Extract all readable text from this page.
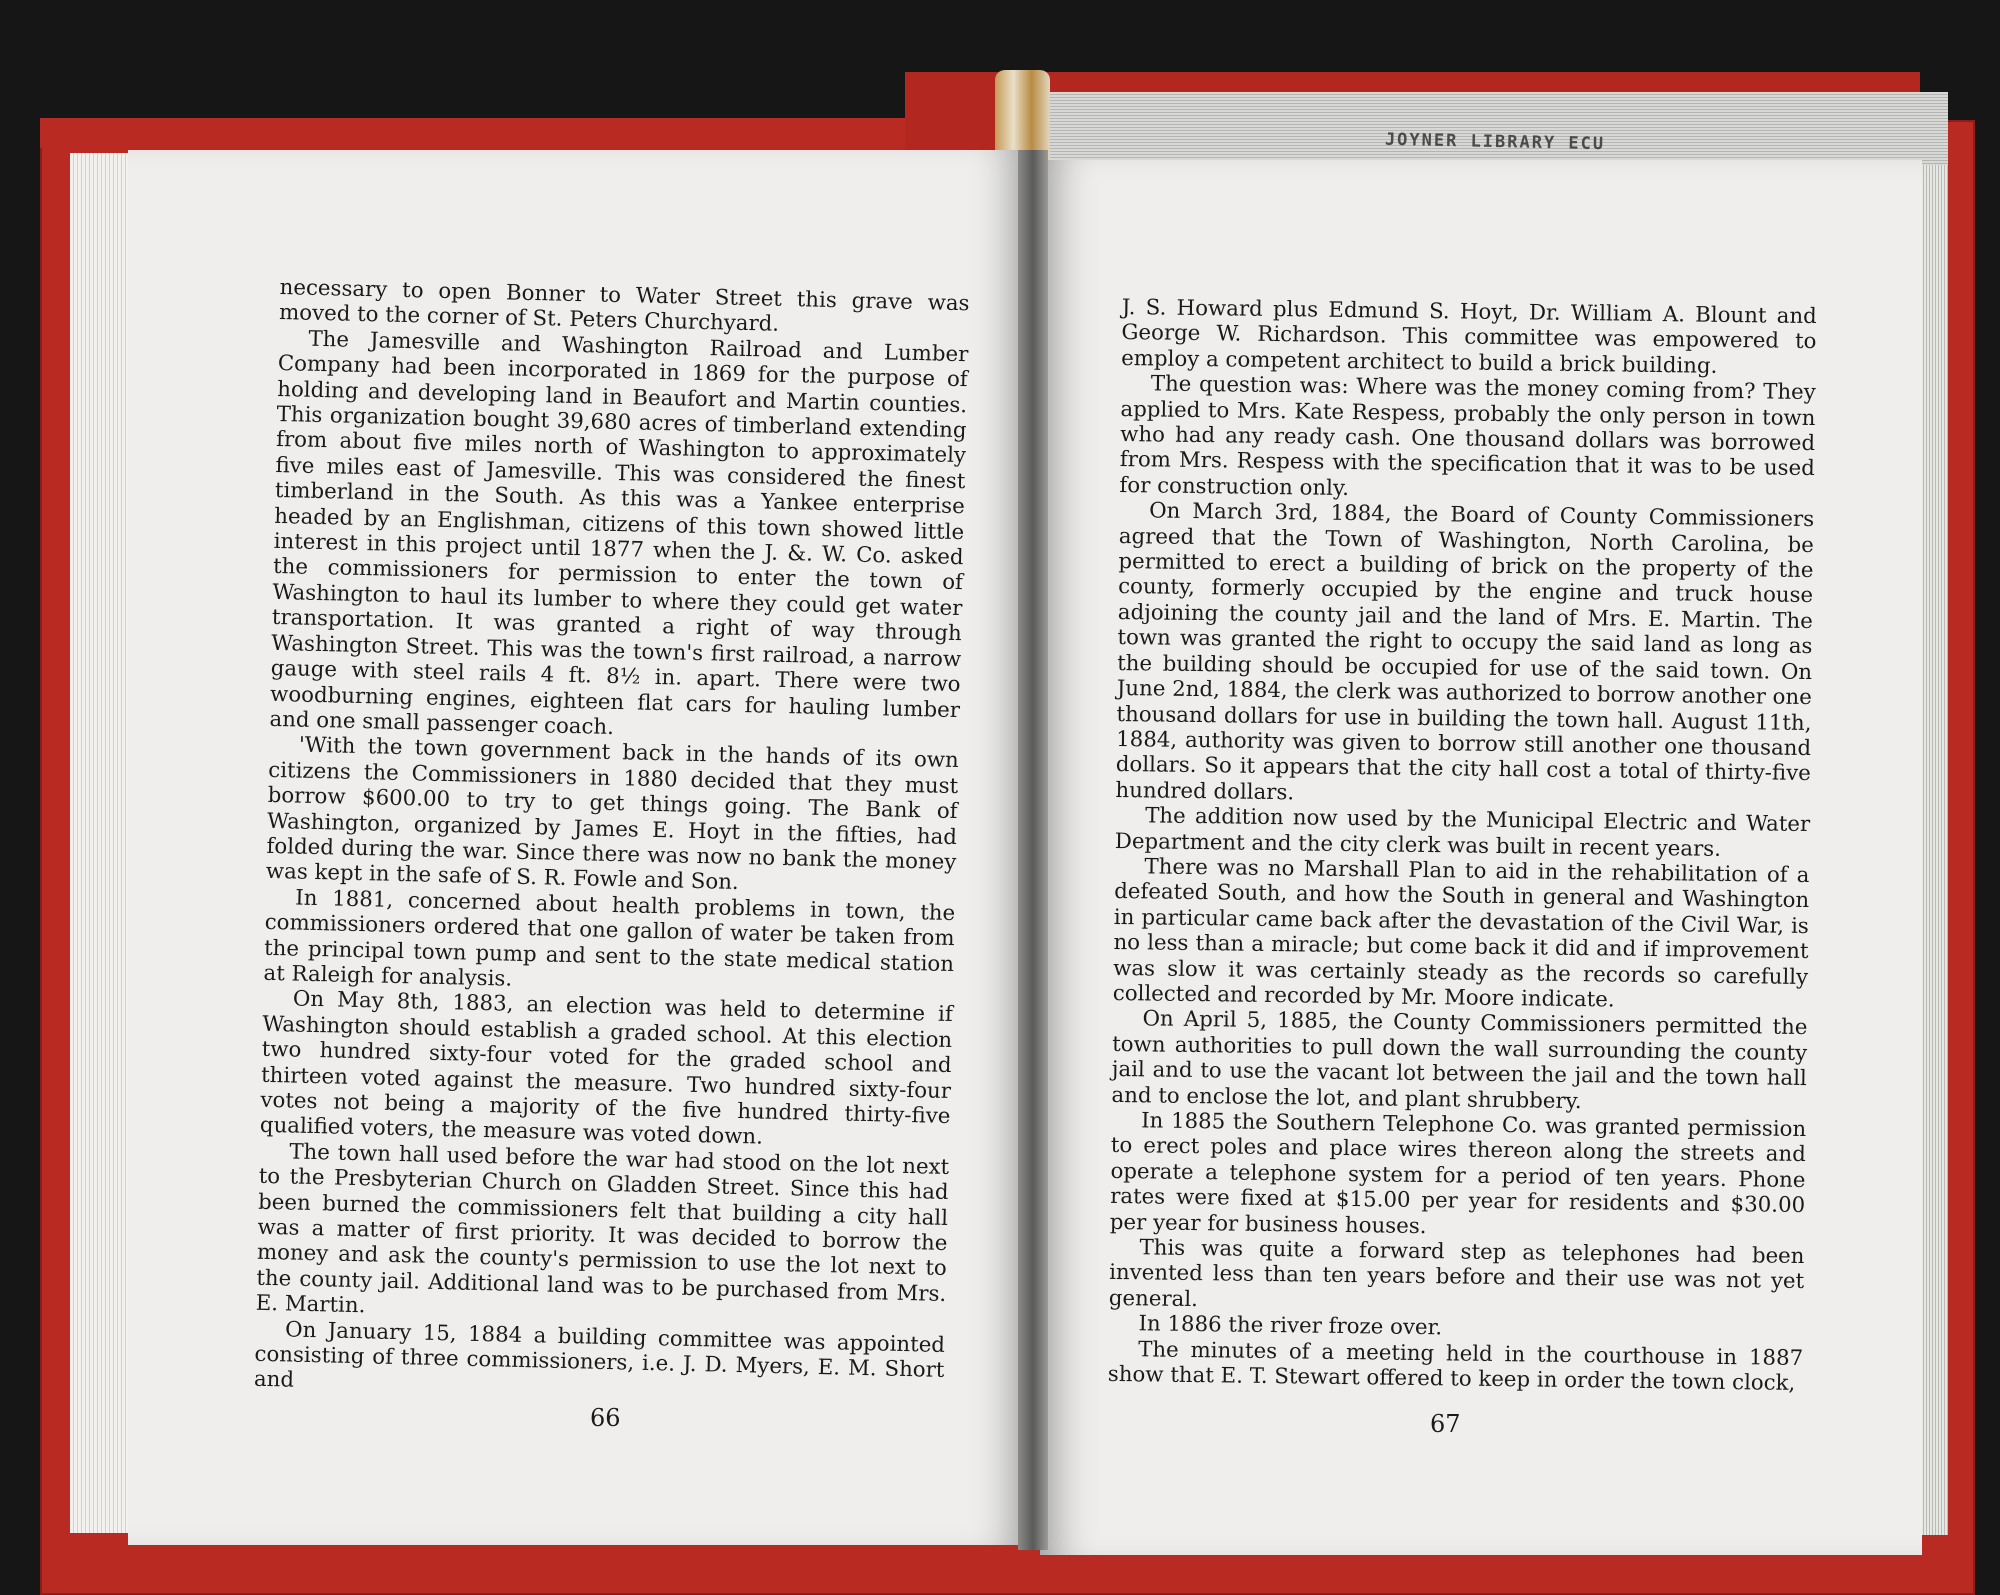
JOYNER LIBRARY ECU

necessary to open Bonner to Water Street this grave was moved to the corner of St. Peters Churchyard.

The Jamesville and Washington Railroad and Lumber Company had been incorporated in 1869 for the purpose of holding and developing land in Beaufort and Martin counties. This organization bought 39,680 acres of timberland extending from about five miles north of Washington to approximately five miles east of Jamesville. This was considered the finest timberland in the South. As this was a Yankee enterprise headed by an Englishman, citizens of this town showed little interest in this project until 1877 when the J. &. W. Co. asked the commissioners for permission to enter the town of Washington to haul its lumber to where they could get water transportation. It was granted a right of way through Washington Street. This was the town's first railroad, a narrow gauge with steel rails 4 ft. 8½ in. apart. There were two woodburning engines, eighteen flat cars for hauling lumber and one small passenger coach.

'With the town government back in the hands of its own citizens the Commissioners in 1880 decided that they must borrow $600.00 to try to get things going. The Bank of Washington, organized by James E. Hoyt in the fifties, had folded during the war. Since there was now no bank the money was kept in the safe of S. R. Fowle and Son.

In 1881, concerned about health problems in town, the commissioners ordered that one gallon of water be taken from the principal town pump and sent to the state medical station at Raleigh for analysis.

On May 8th, 1883, an election was held to determine if Washington should establish a graded school. At this election two hundred sixty-four voted for the graded school and thirteen voted against the measure. Two hundred sixty-four votes not being a majority of the five hundred thirty-five qualified voters, the measure was voted down.

The town hall used before the war had stood on the lot next to the Presbyterian Church on Gladden Street. Since this had been burned the commissioners felt that building a city hall was a matter of first priority. It was decided to borrow the money and ask the county's permission to use the lot next to the county jail. Additional land was to be purchased from Mrs. E. Martin.

On January 15, 1884 a building committee was appointed consisting of three commissioners, i.e. J. D. Myers, E. M. Short and

66

J. S. Howard plus Edmund S. Hoyt, Dr. William A. Blount and George W. Richardson. This committee was empowered to employ a competent architect to build a brick building.

The question was: Where was the money coming from? They applied to Mrs. Kate Respess, probably the only person in town who had any ready cash. One thousand dollars was borrowed from Mrs. Respess with the specification that it was to be used for construction only.

On March 3rd, 1884, the Board of County Commissioners agreed that the Town of Washington, North Carolina, be permitted to erect a building of brick on the property of the county, formerly occupied by the engine and truck house adjoining the county jail and the land of Mrs. E. Martin. The town was granted the right to occupy the said land as long as the building should be occupied for use of the said town. On June 2nd, 1884, the clerk was authorized to borrow another one thousand dollars for use in building the town hall. August 11th, 1884, authority was given to borrow still another one thousand dollars. So it appears that the city hall cost a total of thirty-five hundred dollars.

The addition now used by the Municipal Electric and Water Department and the city clerk was built in recent years.

There was no Marshall Plan to aid in the rehabilitation of a defeated South, and how the South in general and Washington in particular came back after the devastation of the Civil War, is no less than a miracle; but come back it did and if improvement was slow it was certainly steady as the records so carefully collected and recorded by Mr. Moore indicate.

On April 5, 1885, the County Commissioners permitted the town authorities to pull down the wall surrounding the county jail and to use the vacant lot between the jail and the town hall and to enclose the lot, and plant shrubbery.

In 1885 the Southern Telephone Co. was granted permission to erect poles and place wires thereon along the streets and operate a telephone system for a period of ten years. Phone rates were fixed at $15.00 per year for residents and $30.00 per year for business houses.

This was quite a forward step as telephones had been invented less than ten years before and their use was not yet general.

In 1886 the river froze over.

The minutes of a meeting held in the courthouse in 1887 show that E. T. Stewart offered to keep in order the town clock,

67
